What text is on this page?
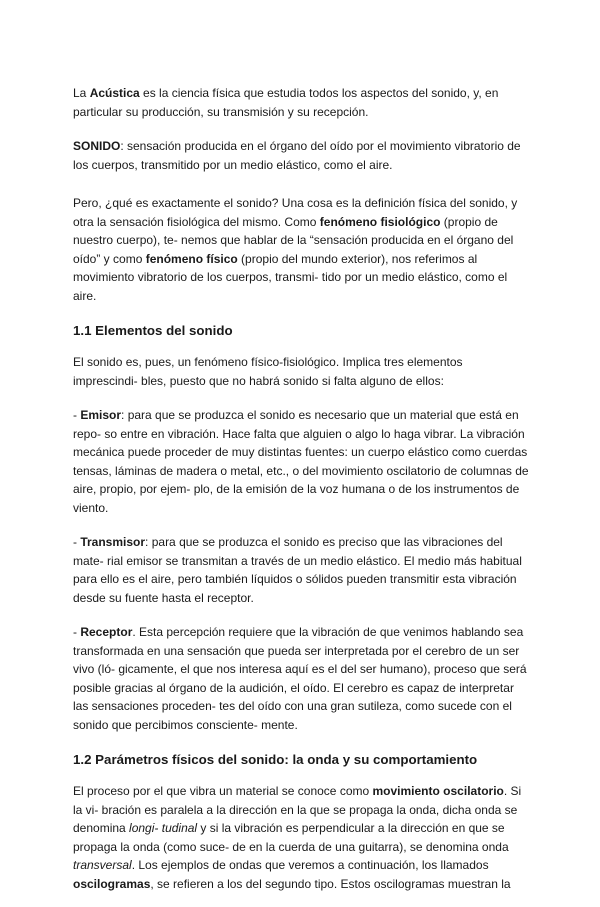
La Acústica es la ciencia física que estudia todos los aspectos del sonido, y, en particular su producción, su transmisión y su recepción.

SONIDO: sensación producida en el órgano del oído por el movimiento vibratorio de los cuerpos, transmitido por un medio elástico, como el aire.

Pero, ¿qué es exactamente el sonido? Una cosa es la definición física del sonido, y otra la sensación fisiológica del mismo. Como fenómeno fisiológico (propio de nuestro cuerpo), te- nemos que hablar de la “sensación producida en el órgano del oído” y como fenómeno físico (propio del mundo exterior), nos referimos al movimiento vibratorio de los cuerpos, transmi- tido por un medio elástico, como el aire.

1.1 Elementos del sonido

El sonido es, pues, un fenómeno físico-fisiológico. Implica tres elementos imprescindi- bles, puesto que no habrá sonido si falta alguno de ellos:

- Emisor: para que se produzca el sonido es necesario que un material que está en repo- so entre en vibración. Hace falta que alguien o algo lo haga vibrar. La vibración mecánica puede proceder de muy distintas fuentes: un cuerpo elástico como cuerdas tensas, láminas de madera o metal, etc., o del movimiento oscilatorio de columnas de aire, propio, por ejem- plo, de la emisión de la voz humana o de los instrumentos de viento.

- Transmisor: para que se produzca el sonido es preciso que las vibraciones del mate- rial emisor se transmitan a través de un medio elástico. El medio más habitual para ello es el aire, pero también líquidos o sólidos pueden transmitir esta vibración desde su fuente hasta el receptor.

- Receptor. Esta percepción requiere que la vibración de que venimos hablando sea transformada en una sensación que pueda ser interpretada por el cerebro de un ser vivo (ló- gicamente, el que nos interesa aquí es el del ser humano), proceso que será posible gracias al órgano de la audición, el oído. El cerebro es capaz de interpretar las sensaciones proceden- tes del oído con una gran sutileza, como sucede con el sonido que percibimos consciente- mente.

1.2 Parámetros físicos del sonido: la onda y su comportamiento

El proceso por el que vibra un material se conoce como movimiento oscilatorio. Si la vi- bración es paralela a la dirección en la que se propaga la onda, dicha onda se denomina longi- tudinal y si la vibración es perpendicular a la dirección en que se propaga la onda (como suce- de en la cuerda de una guitarra), se denomina onda transversal. Los ejemplos de ondas que veremos a continuación, los llamados oscilogramas, se refieren a los del segundo tipo. Estos oscilogramas muestran la
